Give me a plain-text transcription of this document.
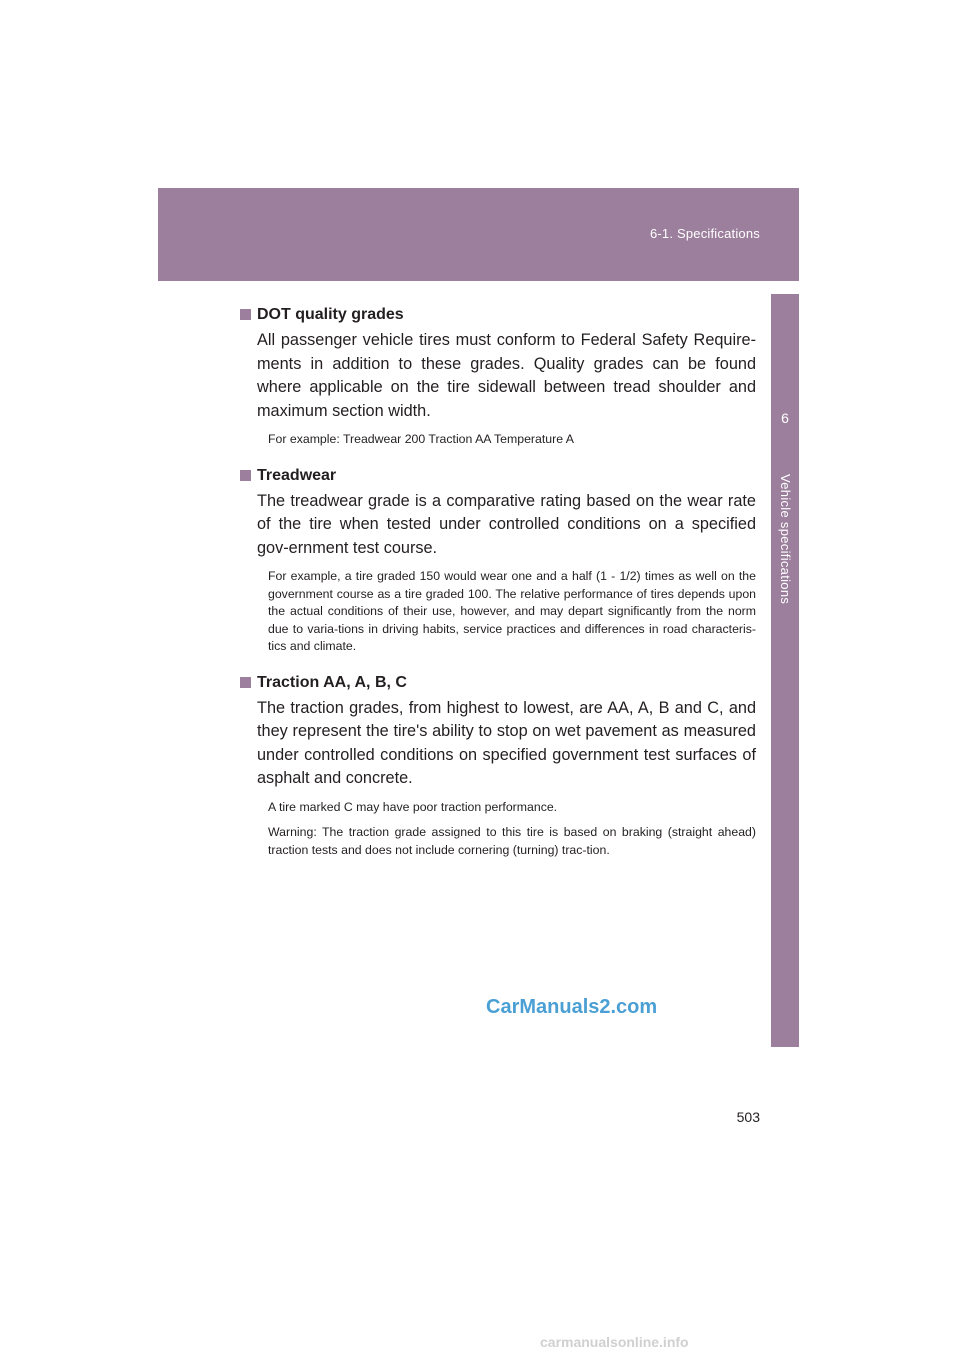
6-1. Specifications
6
Vehicle specifications
DOT quality grades

All passenger vehicle tires must conform to Federal Safety Require-ments in addition to these grades. Quality grades can be found where applicable on the tire sidewall between tread shoulder and maximum section width.

For example: Treadwear 200 Traction AA Temperature A

Treadwear

The treadwear grade is a comparative rating based on the wear rate of the tire when tested under controlled conditions on a specified gov-ernment test course.

For example, a tire graded 150 would wear one and a half (1 - 1/2) times as well on the government course as a tire graded 100. The relative performance of tires depends upon the actual conditions of their use, however, and may depart significantly from the norm due to varia-tions in driving habits, service practices and differences in road characteris-tics and climate.

Traction AA, A, B, C

The traction grades, from highest to lowest, are AA, A, B and C, and they represent the tire's ability to stop on wet pavement as measured under controlled conditions on specified government test surfaces of asphalt and concrete.

A tire marked C may have poor traction performance.

Warning: The traction grade assigned to this tire is based on braking (straight ahead) traction tests and does not include cornering (turning) trac-tion.

CarManuals2.com
503
carmanualsonline.info
